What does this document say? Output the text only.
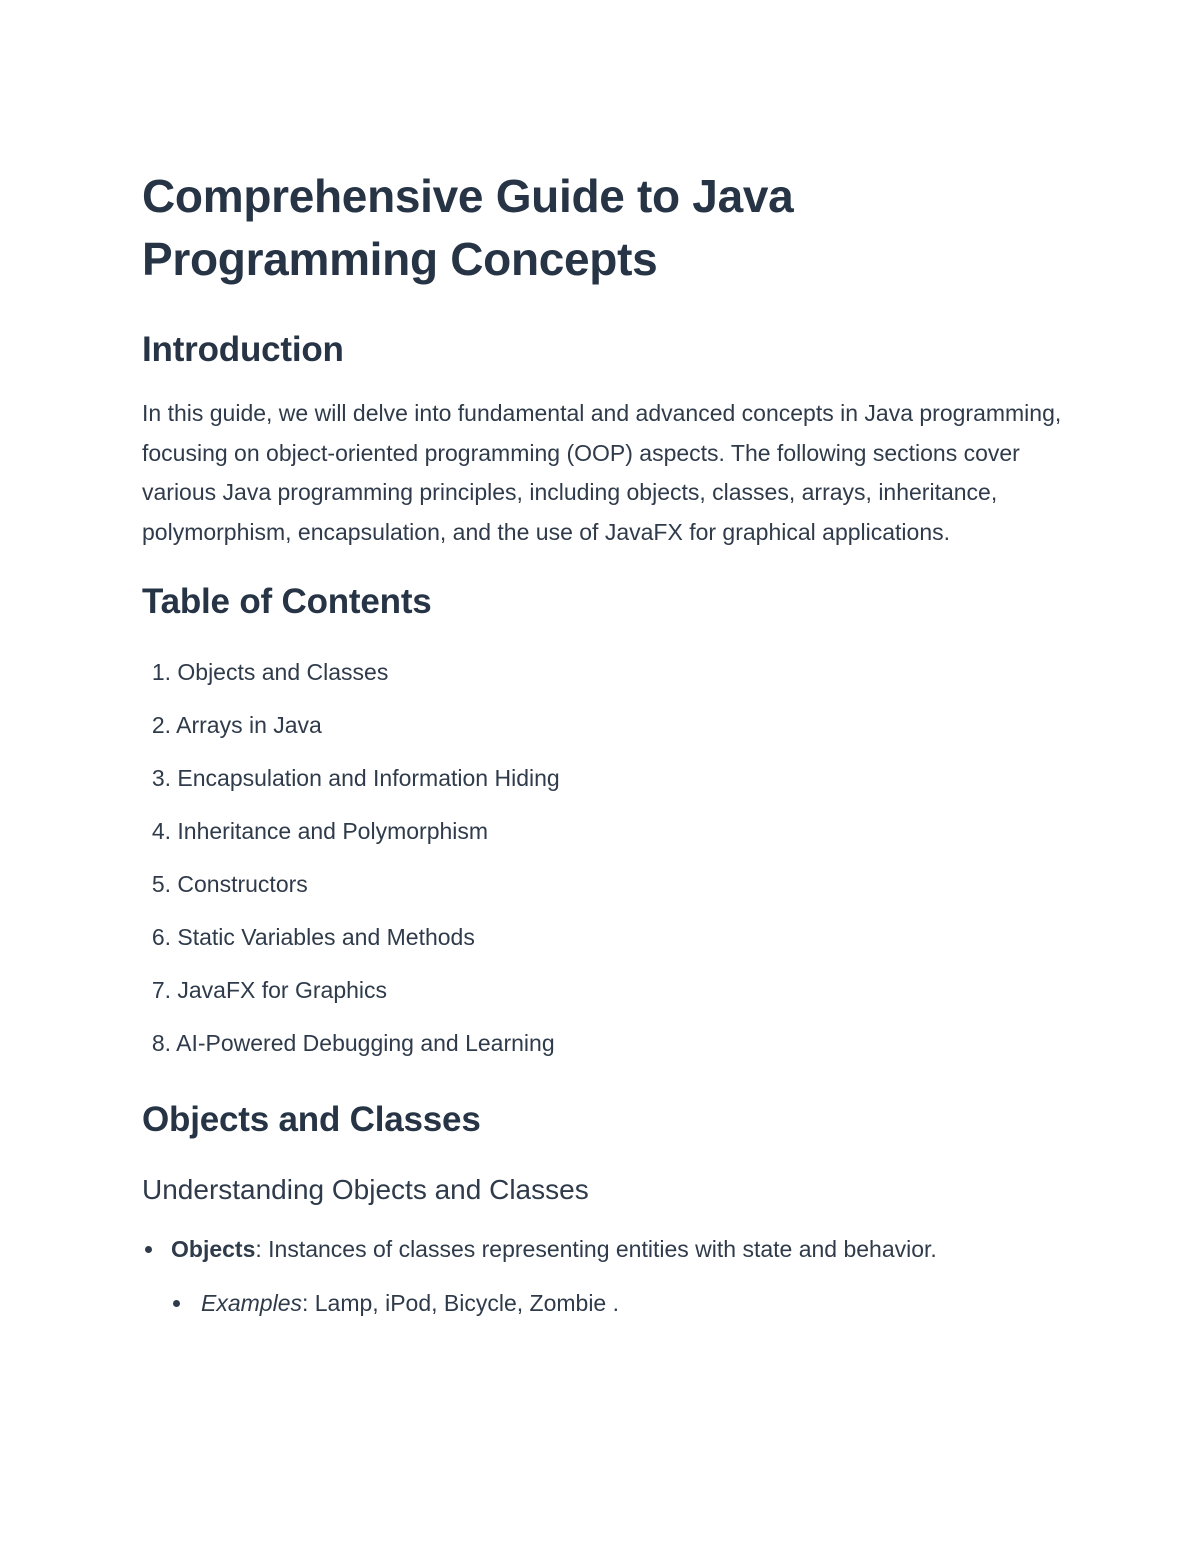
Comprehensive Guide to Java Programming Concepts
Introduction

In this guide, we will delve into fundamental and advanced concepts in Java programming, focusing on object-oriented programming (OOP) aspects. The following sections cover various Java programming principles, including objects, classes, arrays, inheritance, polymorphism, encapsulation, and the use of JavaFX for graphical applications.

Table of Contents
1. Objects and Classes
2. Arrays in Java
3. Encapsulation and Information Hiding
4. Inheritance and Polymorphism
5. Constructors
6. Static Variables and Methods
7. JavaFX for Graphics
8. AI-Powered Debugging and Learning
Objects and Classes
Understanding Objects and Classes
Objects: Instances of classes representing entities with state and behavior.
Examples: Lamp, iPod, Bicycle, Zombie .
